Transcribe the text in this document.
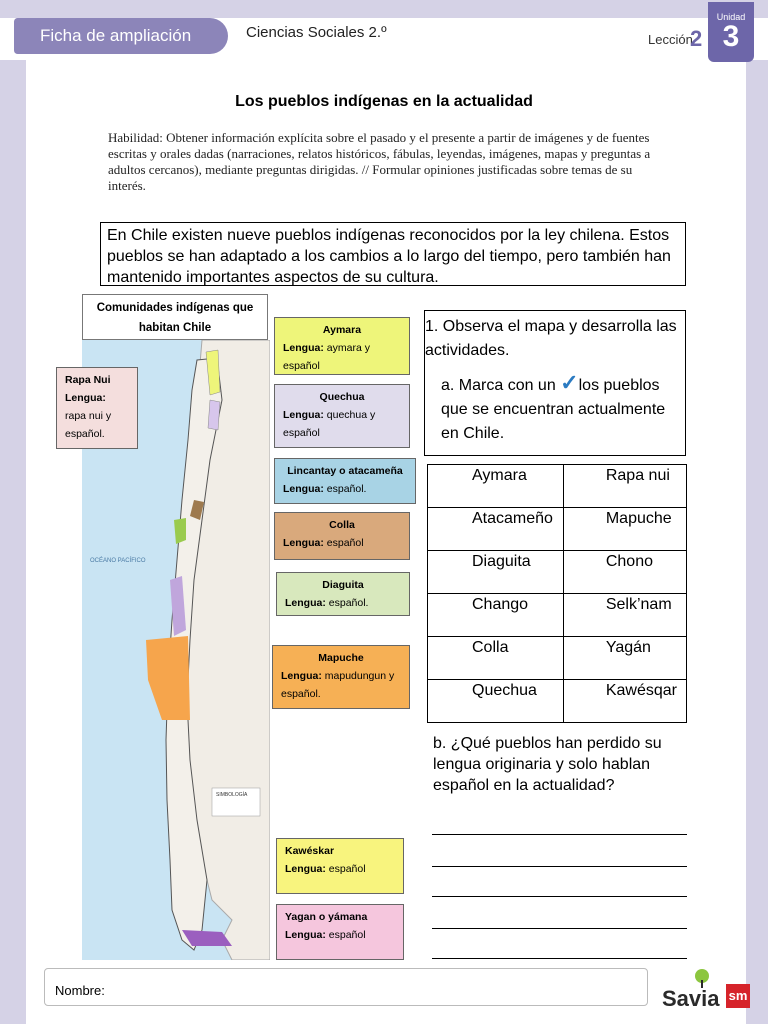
Ficha de ampliación	Ciencias Sociales 2.º	Lección
2
Unidad
3
Los pueblos indígenas en la actualidad
Habilidad: Obtener información explícita sobre el pasado y el presente a partir de imágenes y de fuentes escritas y orales dadas (narraciones, relatos históricos, fábulas, leyendas, imágenes, mapas y preguntas a adultos cercanos), mediante preguntas dirigidas. // Formular opiniones justificadas sobre temas de su interés.
En Chile existen nueve pueblos indígenas reconocidos por la ley chilena. Estos pueblos se han adaptado a los cambios a lo largo del tiempo, pero también han mantenido importantes aspectos de su cultura.
Comunidades indígenas que habitan Chile
OCÉANO PACÍFICO
SIMBOLOGÍA
Rapa Nui
Lengua:
rapa nui y español.
Aymara
Lengua: aymara y español
Quechua
Lengua: quechua y español
Lincantay o atacameña
Lengua: español.
Colla
Lengua: español
Diaguita
Lengua: español.
Mapuche
Lengua: mapudungun y español.
Kawéskar
Lengua: español
Yagan o yámana
Lengua: español
1. Observa el mapa y desarrolla las actividades.
a. Marca con un ✓los pueblos que se encuentran actualmente en Chile.
Aymara	Rapa nui
Atacameño	Mapuche
Diaguita	Chono
Chango	Selk’nam
Colla	Yagán
Quechua	Kawésqar
b. ¿Qué pueblos han perdido su lengua originaria y solo hablan español en la actualidad?
Nombre:	Savia sm
